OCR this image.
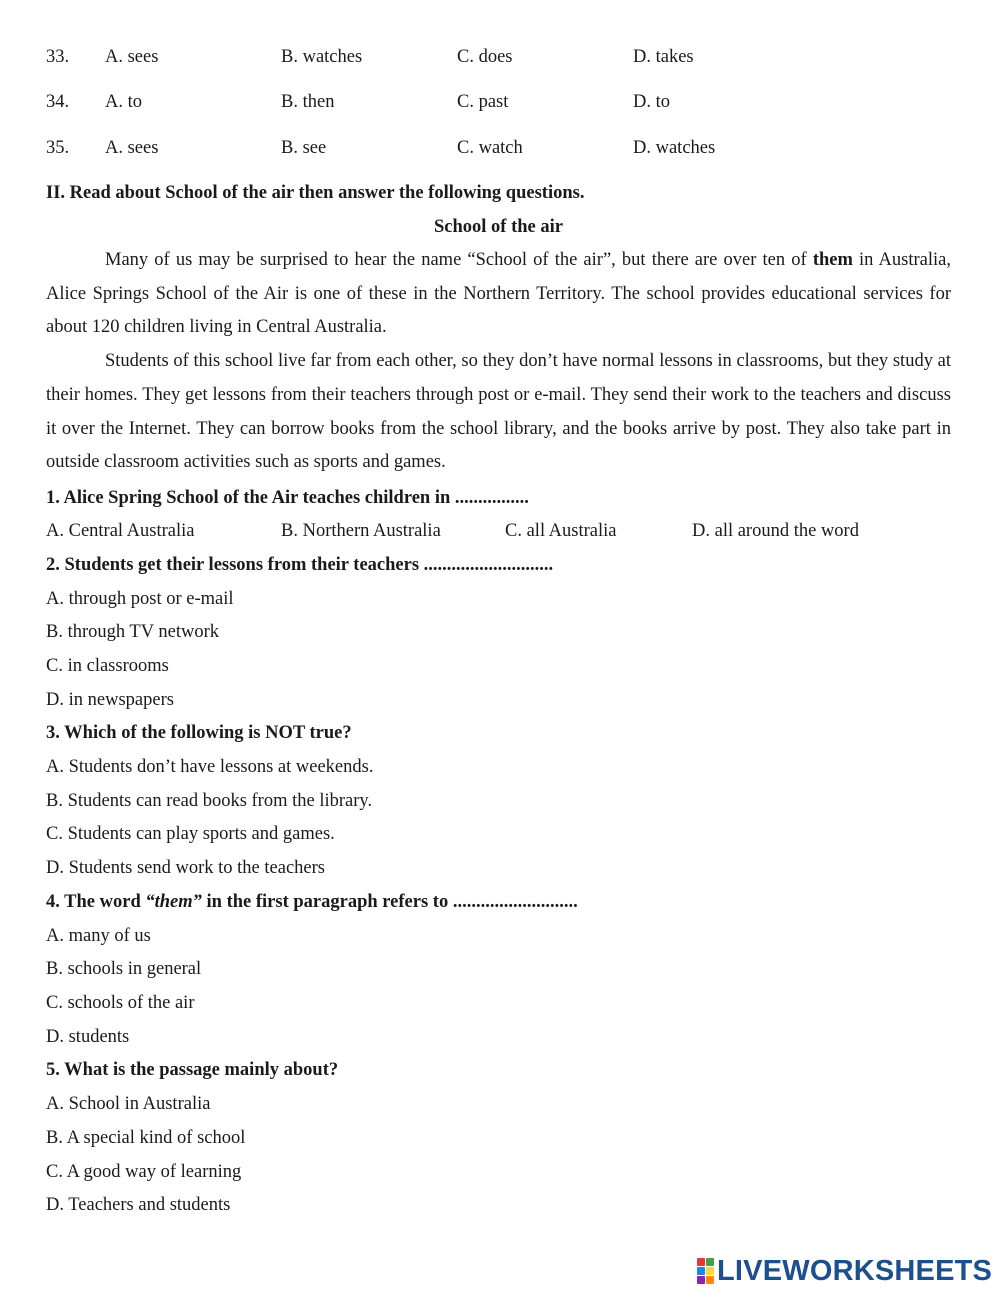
33. A. sees	B. watches	C. does	D. takes
34. A. to	B. then	C. past	D. to
35. A. sees	B. see	C. watch	D. watches
II. Read about School of the air then answer the following questions.
School of the air

Many of us may be surprised to hear the name “School of the air”, but there are over ten of them in Australia, Alice Springs School of the Air is one of these in the Northern Territory. The school provides educational services for about 120 children living in Central Australia.

Students of this school live far from each other, so they don’t have normal lessons in classrooms, but they study at their homes. They get lessons from their teachers through post or e-mail. They send their work to the teachers and discuss it over the Internet. They can borrow books from the school library, and the books arrive by post. They also take part in outside classroom activities such as sports and games.

1. Alice Spring School of the Air teaches children in ................
A. Central Australia	B. Northern Australia	C. all Australia	D. all around the word
2. Students get their lessons from their teachers ............................
A. through post or e-mail
B. through TV network
C. in classrooms
D. in newspapers
3. Which of the following is NOT true?
A. Students don’t have lessons at weekends.
B. Students can read books from the library.
C. Students can play sports and games.
D. Students send work to the teachers
4. The word “them” in the first paragraph refers to ...........................
A. many of us
B. schools in general
C. schools of the air
D. students
5. What is the passage mainly about?
A. School in Australia
B. A special kind of school
C. A good way of learning
D. Teachers and students
LIVEWORKSHEETS
